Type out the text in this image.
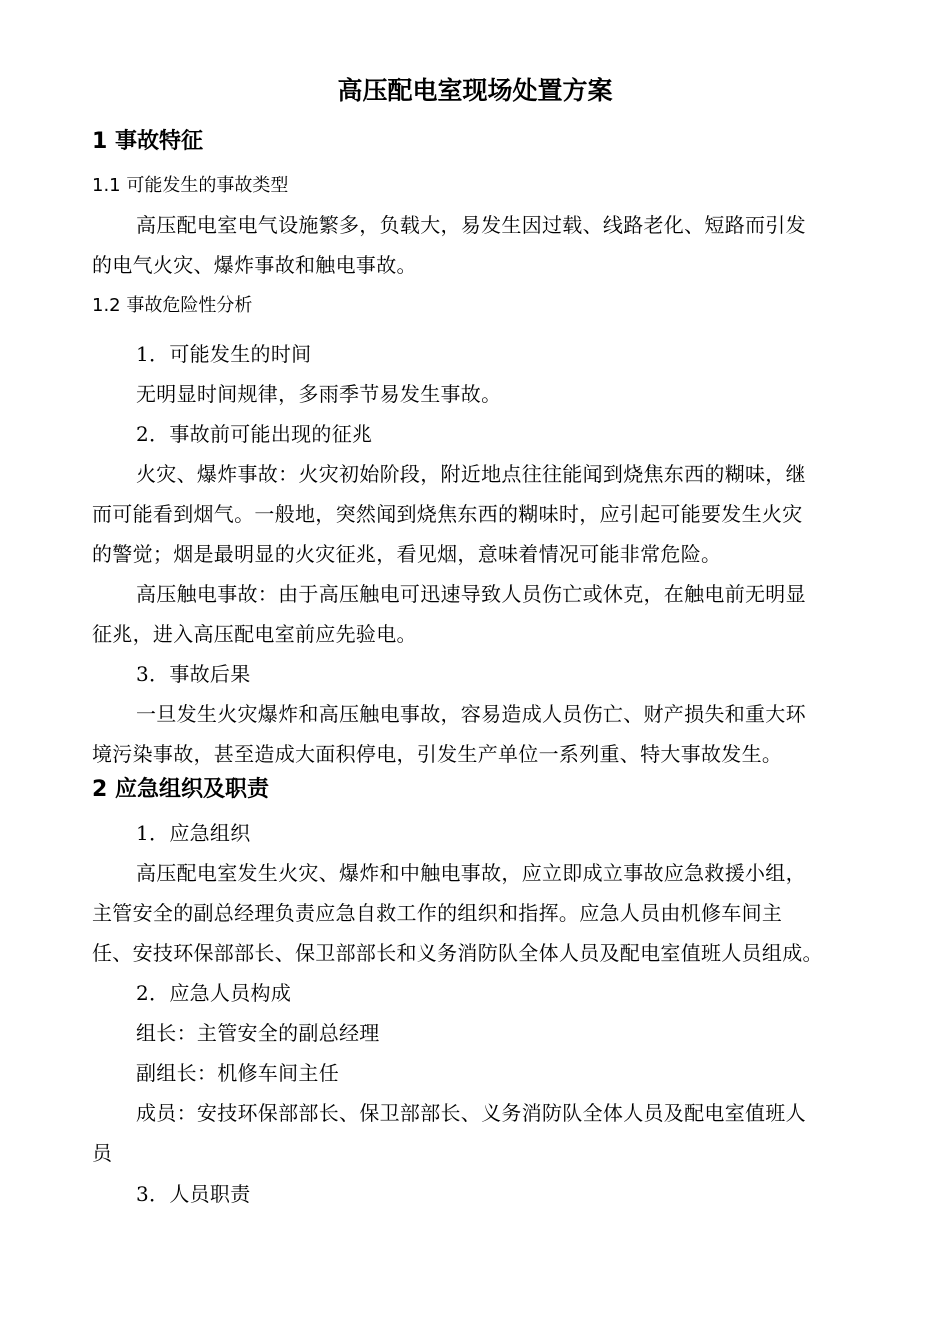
高压配电室现场处置方案
1 事故特征
1.1 可能发生的事故类型
高压配电室电气设施繁多，负载大，易发生因过载、线路老化、短路而引发
的电气火灾、爆炸事故和触电事故。
1.2 事故危险性分析
1．可能发生的时间
无明显时间规律，多雨季节易发生事故。
2．事故前可能出现的征兆
火灾、爆炸事故：火灾初始阶段，附近地点往往能闻到烧焦东西的糊味，继
而可能看到烟气。一般地，突然闻到烧焦东西的糊味时，应引起可能要发生火灾
的警觉；烟是最明显的火灾征兆，看见烟，意味着情况可能非常危险。
高压触电事故：由于高压触电可迅速导致人员伤亡或休克，在触电前无明显
征兆，进入高压配电室前应先验电。
3．事故后果
一旦发生火灾爆炸和高压触电事故，容易造成人员伤亡、财产损失和重大环
境污染事故，甚至造成大面积停电，引发生产单位一系列重、特大事故发生。
2 应急组织及职责
1．应急组织
高压配电室发生火灾、爆炸和中触电事故，应立即成立事故应急救援小组，
主管安全的副总经理负责应急自救工作的组织和指挥。应急人员由机修车间主
任、安技环保部部长、保卫部部长和义务消防队全体人员及配电室值班人员组成。
2．应急人员构成
组长：主管安全的副总经理
副组长：机修车间主任
成员：安技环保部部长、保卫部部长、义务消防队全体人员及配电室值班人
员
3．人员职责
